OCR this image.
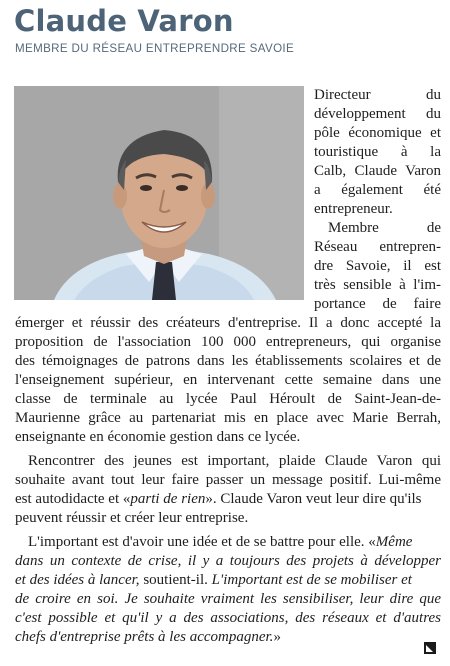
Claude Varon
MEMBRE DU RÉSEAU ENTREPRENDRE SAVOIE
Directeur du
développement du
pôle économique et
touristique à la
Calb, Claude Varon
a également été
entrepreneur.
Membre de
Réseau entrepren-
dre Savoie, il est
très sensible à l'im-
portance de faire
émerger et réussir des créateurs d'entreprise. Il a donc accepté la
proposition de l'association 100 000 entrepreneurs, qui organise
des témoignages de patrons dans les établissements scolaires et de
l'enseignement supérieur, en intervenant cette semaine dans une
classe de terminale au lycée Paul Héroult de Saint-Jean-de-
Maurienne grâce au partenariat mis en place avec Marie Berrah,
enseignante en économie gestion dans ce lycée.
Rencontrer des jeunes est important, plaide Claude Varon qui
souhaite avant tout leur faire passer un message positif. Lui-même
est autodidacte et «parti de rien». Claude Varon veut leur dire qu'ils
peuvent réussir et créer leur entreprise.
L'important est d'avoir une idée et de se battre pour elle. «Même
dans un contexte de crise, il y a toujours des projets à développer
et des idées à lancer, soutient-il. L'important est de se mobiliser et
de croire en soi. Je souhaite vraiment les sensibiliser, leur dire que
c'est possible et qu'il y a des associations, des réseaux et d'autres
chefs d'entreprise prêts à les accompagner.»
